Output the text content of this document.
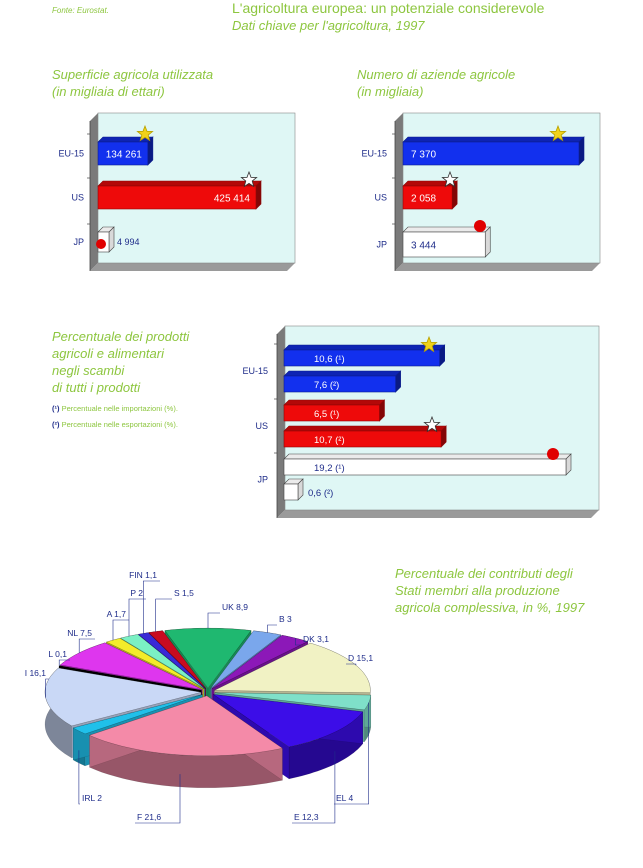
Fonte: Eurostat.	L'agricoltura europea: un potenziale considerevole
Dati chiave per l'agricoltura, 1997
Superficie agricola utilizzata
(in migliaia di ettari)
Numero di aziende agricole
(in migliaia)
Percentuale dei prodotti
agricoli e alimentari
negli scambi
di tutti i prodotti
(¹) Percentuale nelle importazioni (%).
(²) Percentuale nelle esportazioni (%).
Percentuale dei contributi degli
Stati membri alla produzione
agricola complessiva, in %, 1997
EU-15 134 261
US	425 414
JP	4 994
EU-15 7 370
US 2 058
JP 3 444
EU-15
10,6 (¹)
7,6 (²)
US
6,5 (¹)
10,7 (²)
JP
19,2 (¹)
0,6 (²)
UK 8,9
B 3
DK 3,1
D 15,1
EL 4
E 12,3
F 21,6
IRL 2
I 16,1
L 0,1
NL 7,5
A 1,7
P 2
FIN 1,1
S 1,5
